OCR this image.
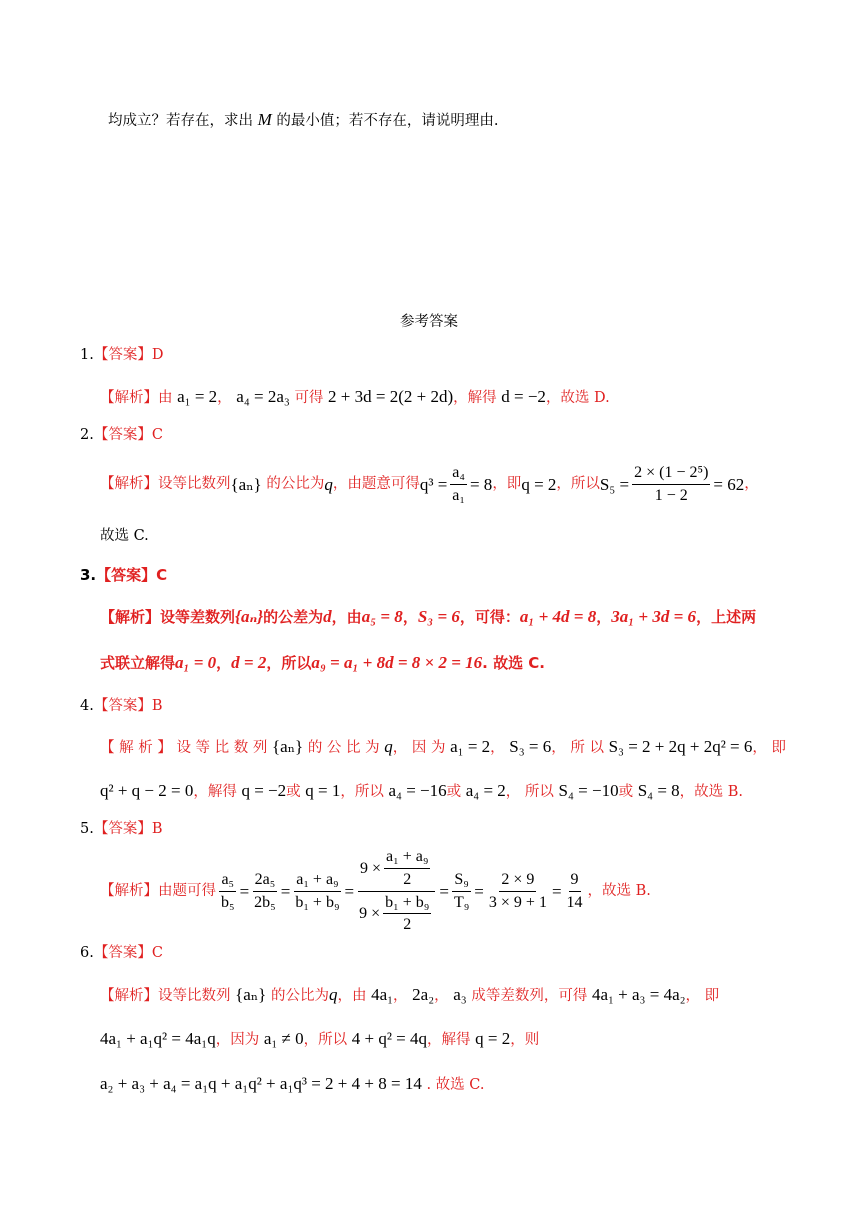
均成立？若存在，求出 M 的最小值；若不存在，请说明理由.
参考答案
1.【答案】D
【解析】由 a₁ = 2， a₄ = 2a₃ 可得 2 + 3d = 2(2 + 2d)，解得 d = −2，故选 D.
2.【答案】C
【解析】 设等比数列 {aₙ}
的公比为 q ，由题意可得 $q^3 = \frac{\text{a₄}}{\text{a₁}} = 8$ ，即 q = 2 ，所以 $S_5 = \frac{\text{2 × (1 − 2⁵)}}{1 - 2} = 62$ ，
故选 C.
3.【答案】C
【解析】设等差数列{aₙ}的公差为d，由a₅ = 8，S₃ = 6，可得：a₁ + 4d = 8，3a₁ + 3d = 6，上述两
式联立解得a₁ = 0，d = 2，所以a₉ = a₁ + 8d = 8 × 2 = 16. 故选 C.
4.【答案】B
【 解 析 】 设 等 比 数 列 {aₙ} 的 公 比 为 q， 因 为 a₁ = 2， S₃ = 6， 所 以 S₃ = 2 + 2q + 2q² = 6， 即
q² + q − 2 = 0，解得 q = −2或 q = 1，所以 a₄ = −16或 a₄ = 2， 所以 S₄ = −10或 S₄ = 8，故选 B.
5.【答案】B
【解析】 由题可得 $\frac{\text{a₅}}{\text{b₅}} = \frac{\text{2a₅}}{\text{2b₅}} = \frac{\text{a₁ + a₉}}{\text{b₁ + b₉}} = \frac{9 \times \frac{\text{a₁ + a₉}}{2}}{9 \times \frac{\text{b₁ + b₉}}{2}} = \frac{\text{S₉}}{\text{T₉}} = \frac{2 \times 9}{3 \times 9 + 1} = \frac{9}{14}$ ，故选 B.
6.【答案】C
【解析】设等比数列 {aₙ} 的公比为q，由 4a₁， 2a₂， a₃ 成等差数列，可得 4a₁ + a₃ = 4a₂， 即
4a₁ + a₁q² = 4a₁q，因为 a₁ ≠ 0，所以 4 + q² = 4q，解得 q = 2，则
a₂ + a₃ + a₄ = a₁q + a₁q² + a₁q³ = 2 + 4 + 8 = 14 . 故选 C.
